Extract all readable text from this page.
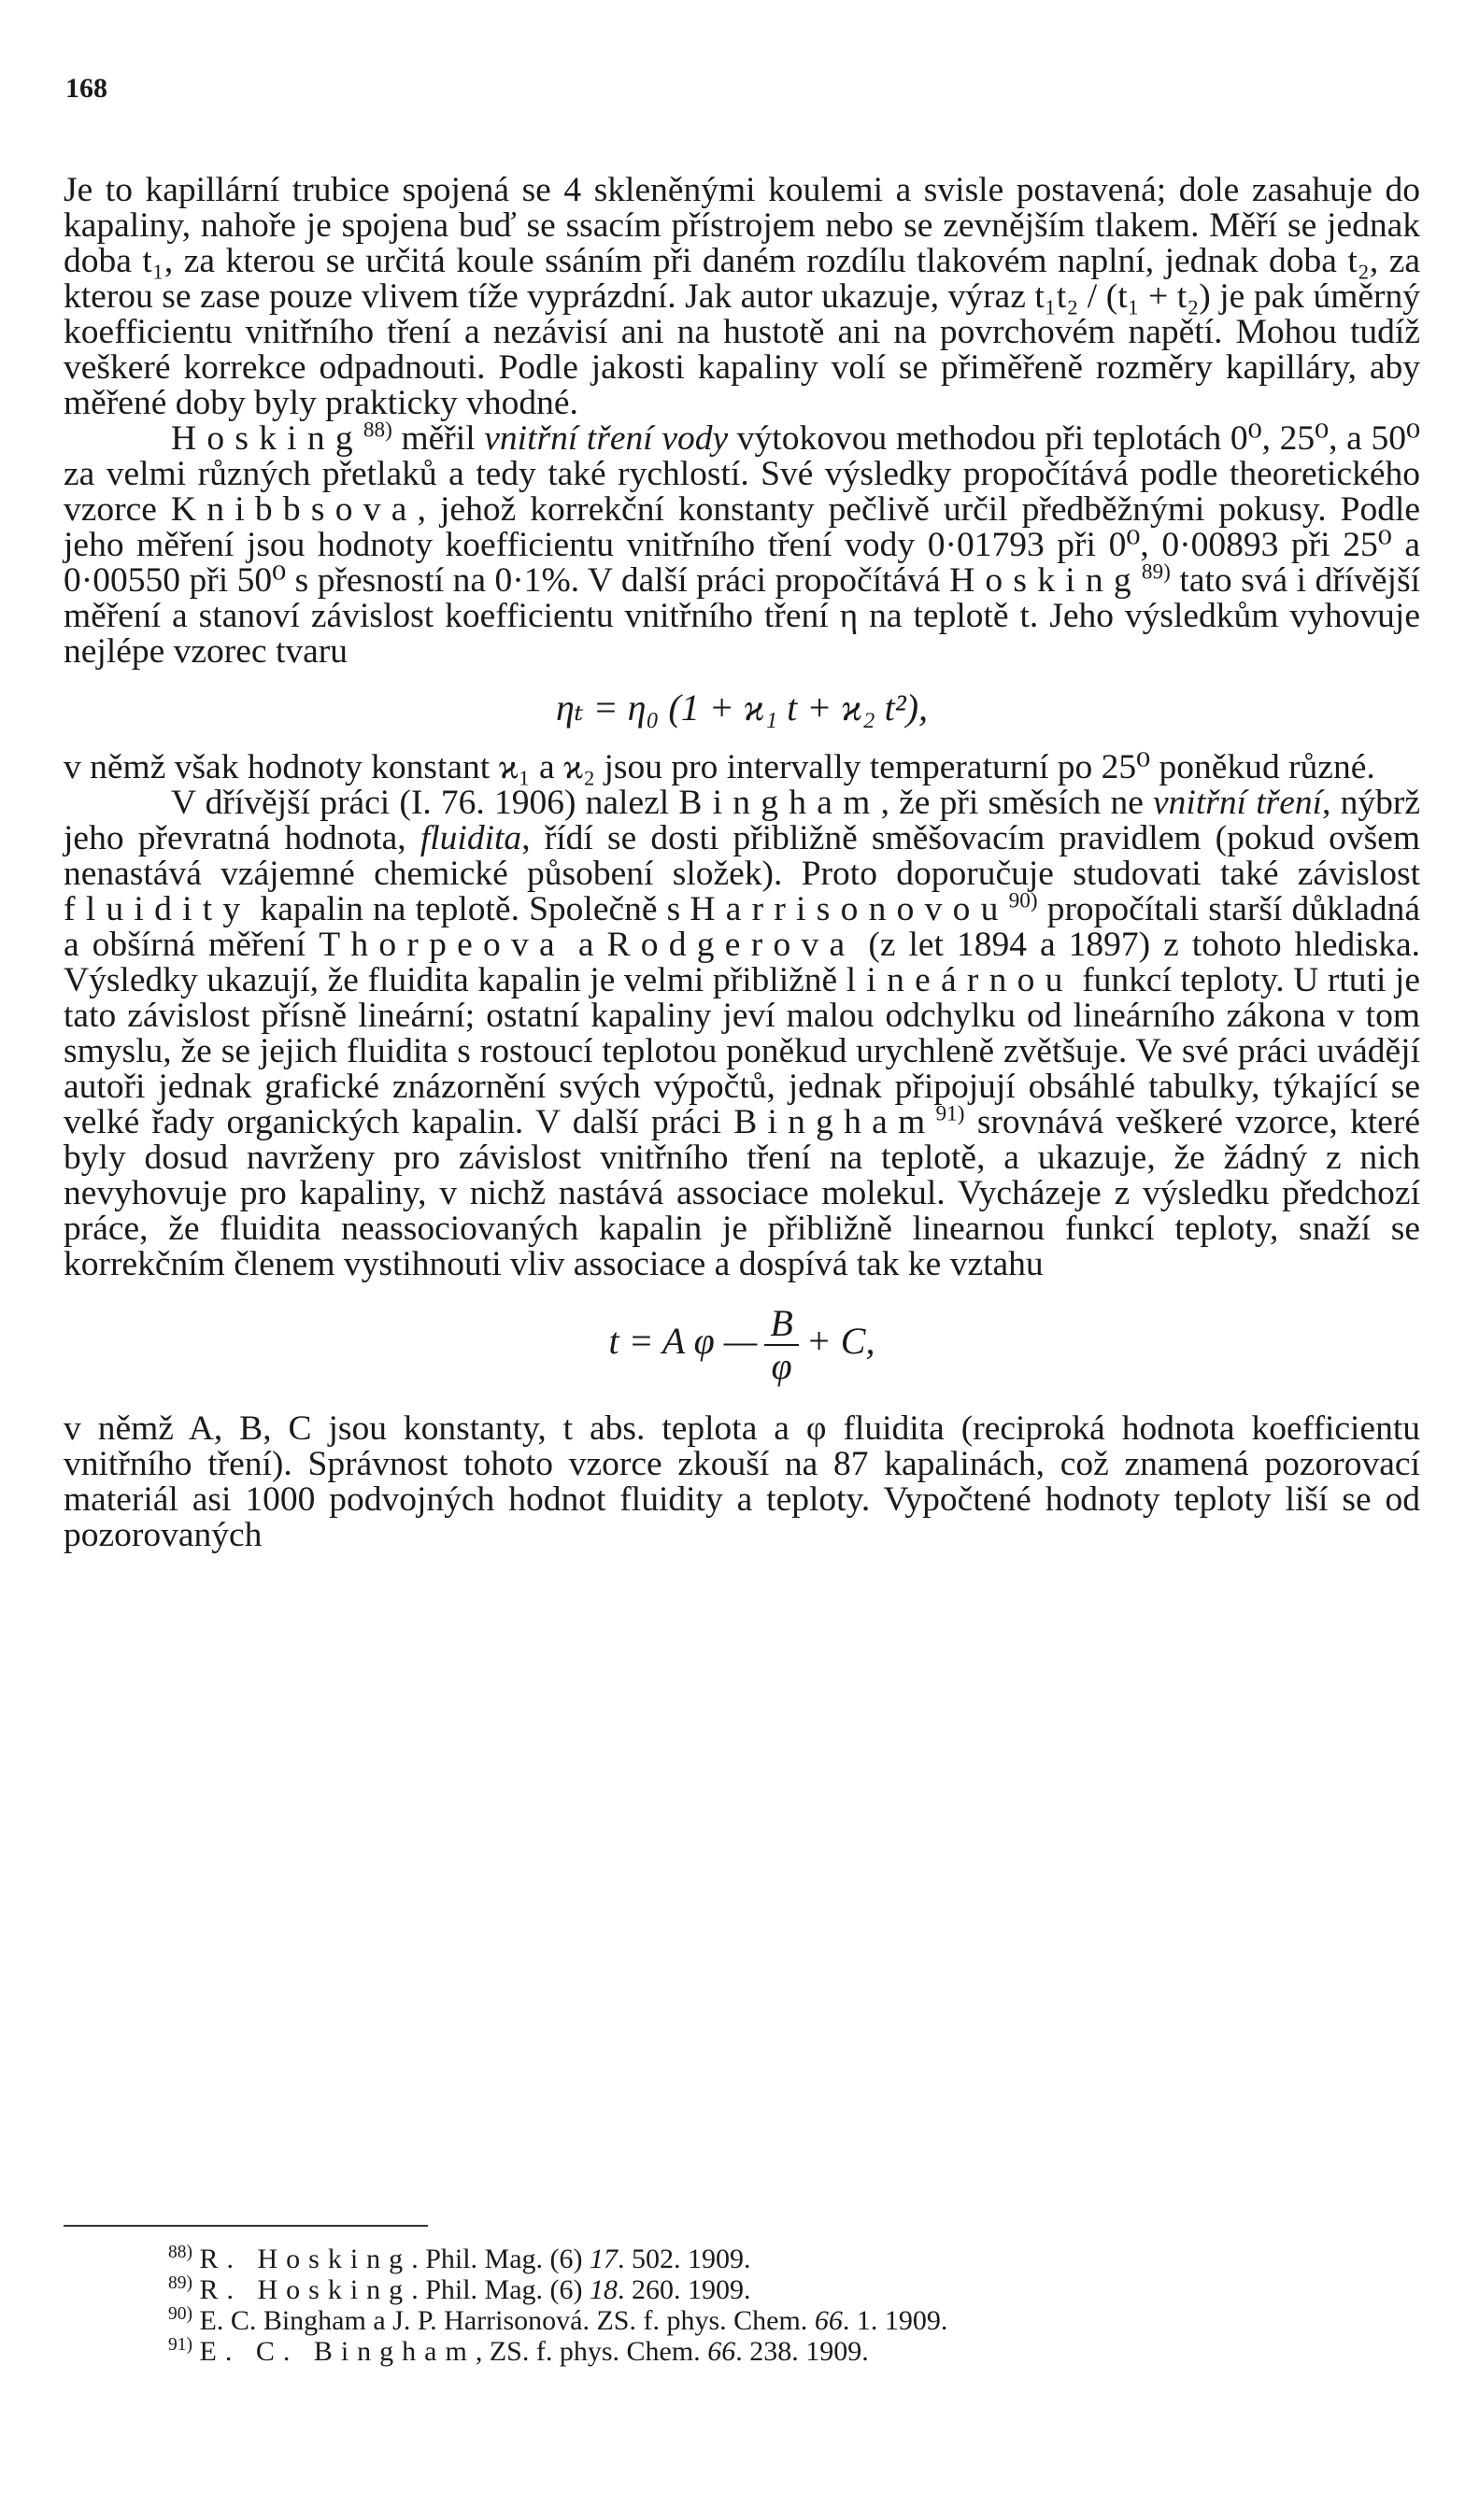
168

Je to kapillární trubice spojená se 4 skleněnými koulemi a svisle postavená; dole zasahuje do kapaliny, nahoře je spojena buď se ssacím přístrojem nebo se zevnějším tlakem. Měří se jednak doba t₁, za kterou se určitá koule ssáním při daném rozdílu tlakovém naplní, jednak doba t₂, za kterou se zase pouze vlivem tíže vyprázdní. Jak autor ukazuje, výraz t₁t₂ / (t₁ + t₂) je pak úměrný koefficientu vnitřního tření a nezávisí ani na hustotě ani na povrchovém napětí. Mohou tudíž veškeré korrekce odpadnouti. Podle jakosti kapaliny volí se přiměřeně rozměry kapilláry, aby měřené doby byly prakticky vhodné.

Hosking$^{88)}$ měřil vnitřní tření vody výtokovou methodou při teplotách 0⁰, 25⁰, a 50⁰ za velmi různých přetlaků a tedy také rychlostí. Své výsledky propočítává podle theoretického vzorce Knibbsova, jehož korrekční konstanty pečlivě určil předběžnými pokusy. Podle jeho měření jsou hodnoty koefficientu vnitřního tření vody 0·01793 při 0⁰, 0·00893 při 25⁰ a 0·00550 při 50⁰ s přesností na 0·1%. V další práci propočítává Hosking$^{89)}$ tato svá i dřívější měření a stanoví závislost koefficientu vnitřního tření η na teplotě t. Jeho výsledkům vyhovuje nejlépe vzorec tvaru

ηₜ = η₀ (1 + ϰ₁ t + ϰ₂ t²),

v němž však hodnoty konstant ϰ₁ a ϰ₂ jsou pro intervally temperaturní po 25⁰ poněkud různé.

V dřívější práci (I. 76. 1906) nalezl Bingham, že při směsích ne vnitřní tření, nýbrž jeho převratná hodnota, fluidita, řídí se dosti přibližně směšovacím pravidlem (pokud ovšem nenastává vzájemné chemické působení složek). Proto doporučuje studovati také závislost fluidity kapalin na teplotě. Společně s Harrisonovou$^{90)}$ propočítali starší důkladná a obšírná měření Thorpeova a Rodgerova (z let 1894 a 1897) z tohoto hlediska. Výsledky ukazují, že fluidita kapalin je velmi přibližně lineárnou funkcí teploty. U rtuti je tato závislost přísně lineární; ostatní kapaliny jeví malou odchylku od lineárního zákona v tom smyslu, že se jejich fluidita s rostoucí teplotou poněkud urychleně zvětšuje. Ve své práci uvádějí autoři jednak grafické znázornění svých výpočtů, jednak připojují obsáhlé tabulky, týkající se velké řady organických kapalin. V další práci Bingham$^{91)}$ srovnává veškeré vzorce, které byly dosud navrženy pro závislost vnitřního tření na teplotě, a ukazuje, že žádný z nich nevyhovuje pro kapaliny, v nichž nastává associace molekul. Vycházeje z výsledku předchozí práce, že fluidita neassociovaných kapalin je přibližně linearnou funkcí teploty, snaží se korrekčním členem vystihnouti vliv associace a dospívá tak ke vztahu

t = A φ — $\frac{B}{\varphi} + C$,

v němž A, B, C jsou konstanty, t abs. teplota a φ fluidita (reciproká hodnota koefficientu vnitřního tření). Správnost tohoto vzorce zkouší na 87 kapalinách, což znamená pozorovací materiál asi 1000 podvojných hodnot fluidity a teploty. Vypočtené hodnoty teploty liší se od pozorovaných

$^{88)}$ R. Hosking. Phil. Mag. (6) 17. 502. 1909.
$^{89)}$ R. Hosking. Phil. Mag. (6) 18. 260. 1909.
$^{90)}$ E. C. Bingham a J. P. Harrisonová. ZS. f. phys. Chem. 66. 1. 1909.
$^{91)}$ E. C. Bingham, ZS. f. phys. Chem. 66. 238. 1909.
